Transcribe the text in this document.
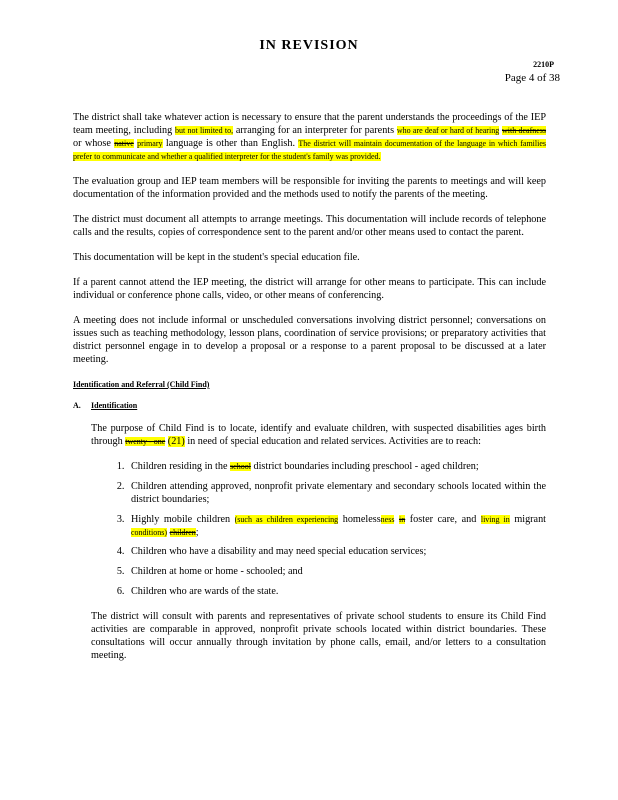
IN REVISION
2210P
Page 4 of 38

The district shall take whatever action is necessary to ensure that the parent understands the proceedings of the IEP team meeting, including but not limited to, arranging for an interpreter for parents who are deaf or hard of hearing with deafness or whose native primary language is other than English. The district will maintain documentation of the language in which families prefer to communicate and whether a qualified interpreter for the student's family was provided.

The evaluation group and IEP team members will be responsible for inviting the parents to meetings and will keep documentation of the information provided and the methods used to notify the parents of the meeting.

The district must document all attempts to arrange meetings. This documentation will include records of telephone calls and the results, copies of correspondence sent to the parent and/or other means used to contact the parent.

This documentation will be kept in the student's special education file.

If a parent cannot attend the IEP meeting, the district will arrange for other means to participate. This can include individual or conference phone calls, video, or other means of conferencing.

A meeting does not include informal or unscheduled conversations involving district personnel; conversations on issues such as teaching methodology, lesson plans, coordination of service provisions; or preparatory activities that district personnel engage in to develop a proposal or a response to a parent proposal to be discussed at a later meeting.

Identification and Referral (Child Find)
A.	Identification

The purpose of Child Find is to locate, identify and evaluate children, with suspected disabilities ages birth through twenty - one (21) in need of special education and related services. Activities are to reach:

1. Children residing in the school district boundaries including preschool - aged children;
2. Children attending approved, nonprofit private elementary and secondary schools located within the district boundaries;
3. Highly mobile children (such as children experiencing homelessness in foster care, and living in migrant conditions) children;
4. Children who have a disability and may need special education services;
5. Children at home or home - schooled; and
6. Children who are wards of the state.

The district will consult with parents and representatives of private school students to ensure its Child Find activities are comparable in approved, nonprofit private schools located within district boundaries. These consultations will occur annually through invitation by phone calls, email, and/or letters to a consultation meeting.
